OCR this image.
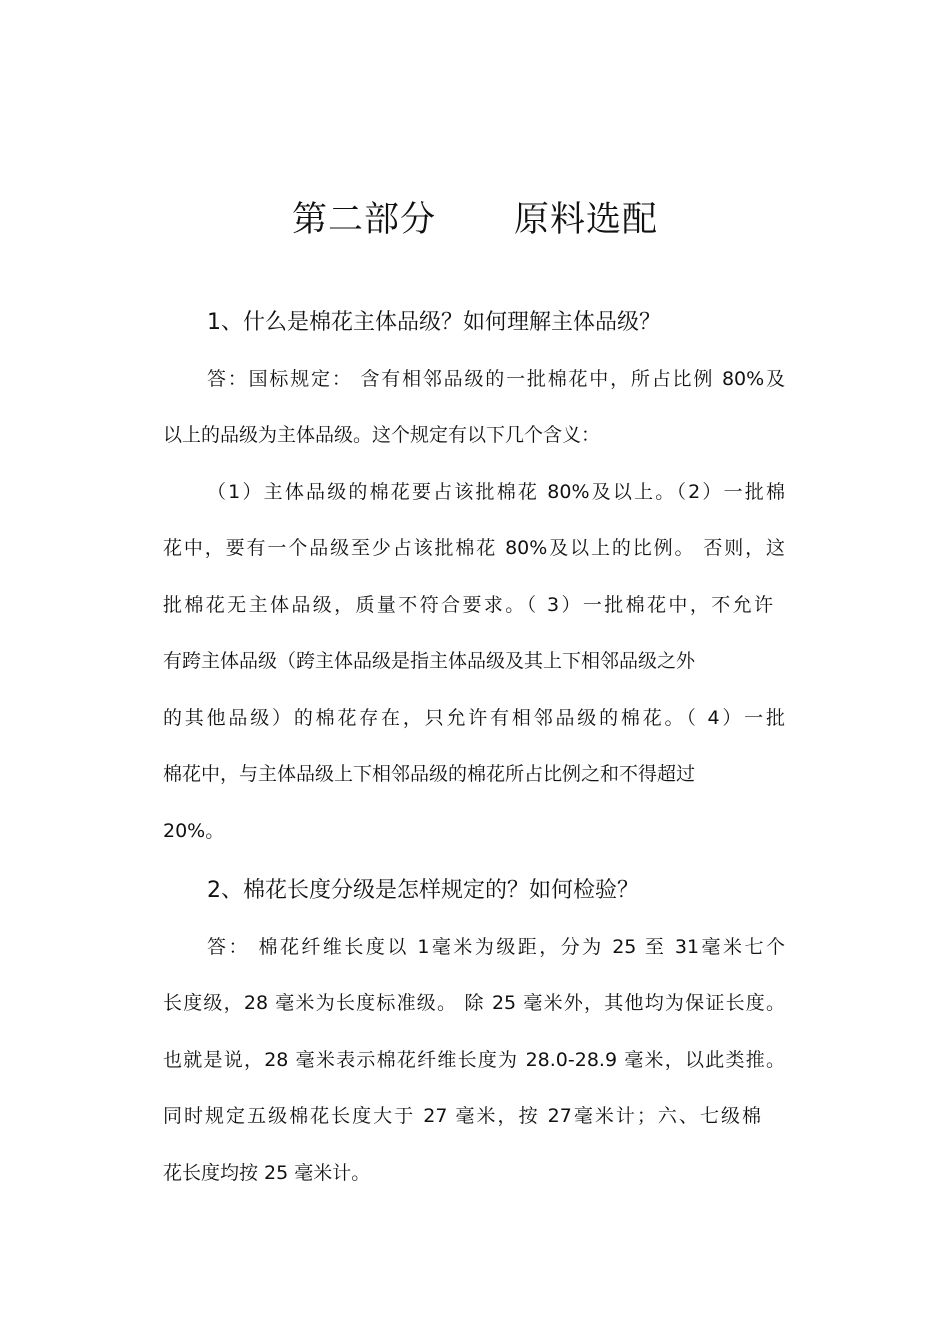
第二部分 原料选配
1、什么是棉花主体品级？如何理解主体品级？
答：国标规定： 含有相邻品级的一批棉花中，所占比例 80%及
以上的品级为主体品级。这个规定有以下几个含义：
（1）主体品级的棉花要占该批棉花 80%及以上。（2）一批棉
花中，要有一个品级至少占该批棉花 80%及以上的比例。 否则，这
批棉花无主体品级，质量不符合要求。（ 3）一批棉花中，不允许
有跨主体品级（跨主体品级是指主体品级及其上下相邻品级之外
的其他品级）的棉花存在，只允许有相邻品级的棉花。（ 4）一批
棉花中，与主体品级上下相邻品级的棉花所占比例之和不得超过
20%。
2、棉花长度分级是怎样规定的？如何检验？
答： 棉花纤维长度以 1毫米为级距，分为 25 至 31毫米七个
长度级，28 毫米为长度标准级。 除 25 毫米外，其他均为保证长度。
也就是说，28 毫米表示棉花纤维长度为 28.0-28.9 毫米，以此类推。
同时规定五级棉花长度大于 27 毫米，按 27毫米计；六、七级棉
花长度均按 25 毫米计。
